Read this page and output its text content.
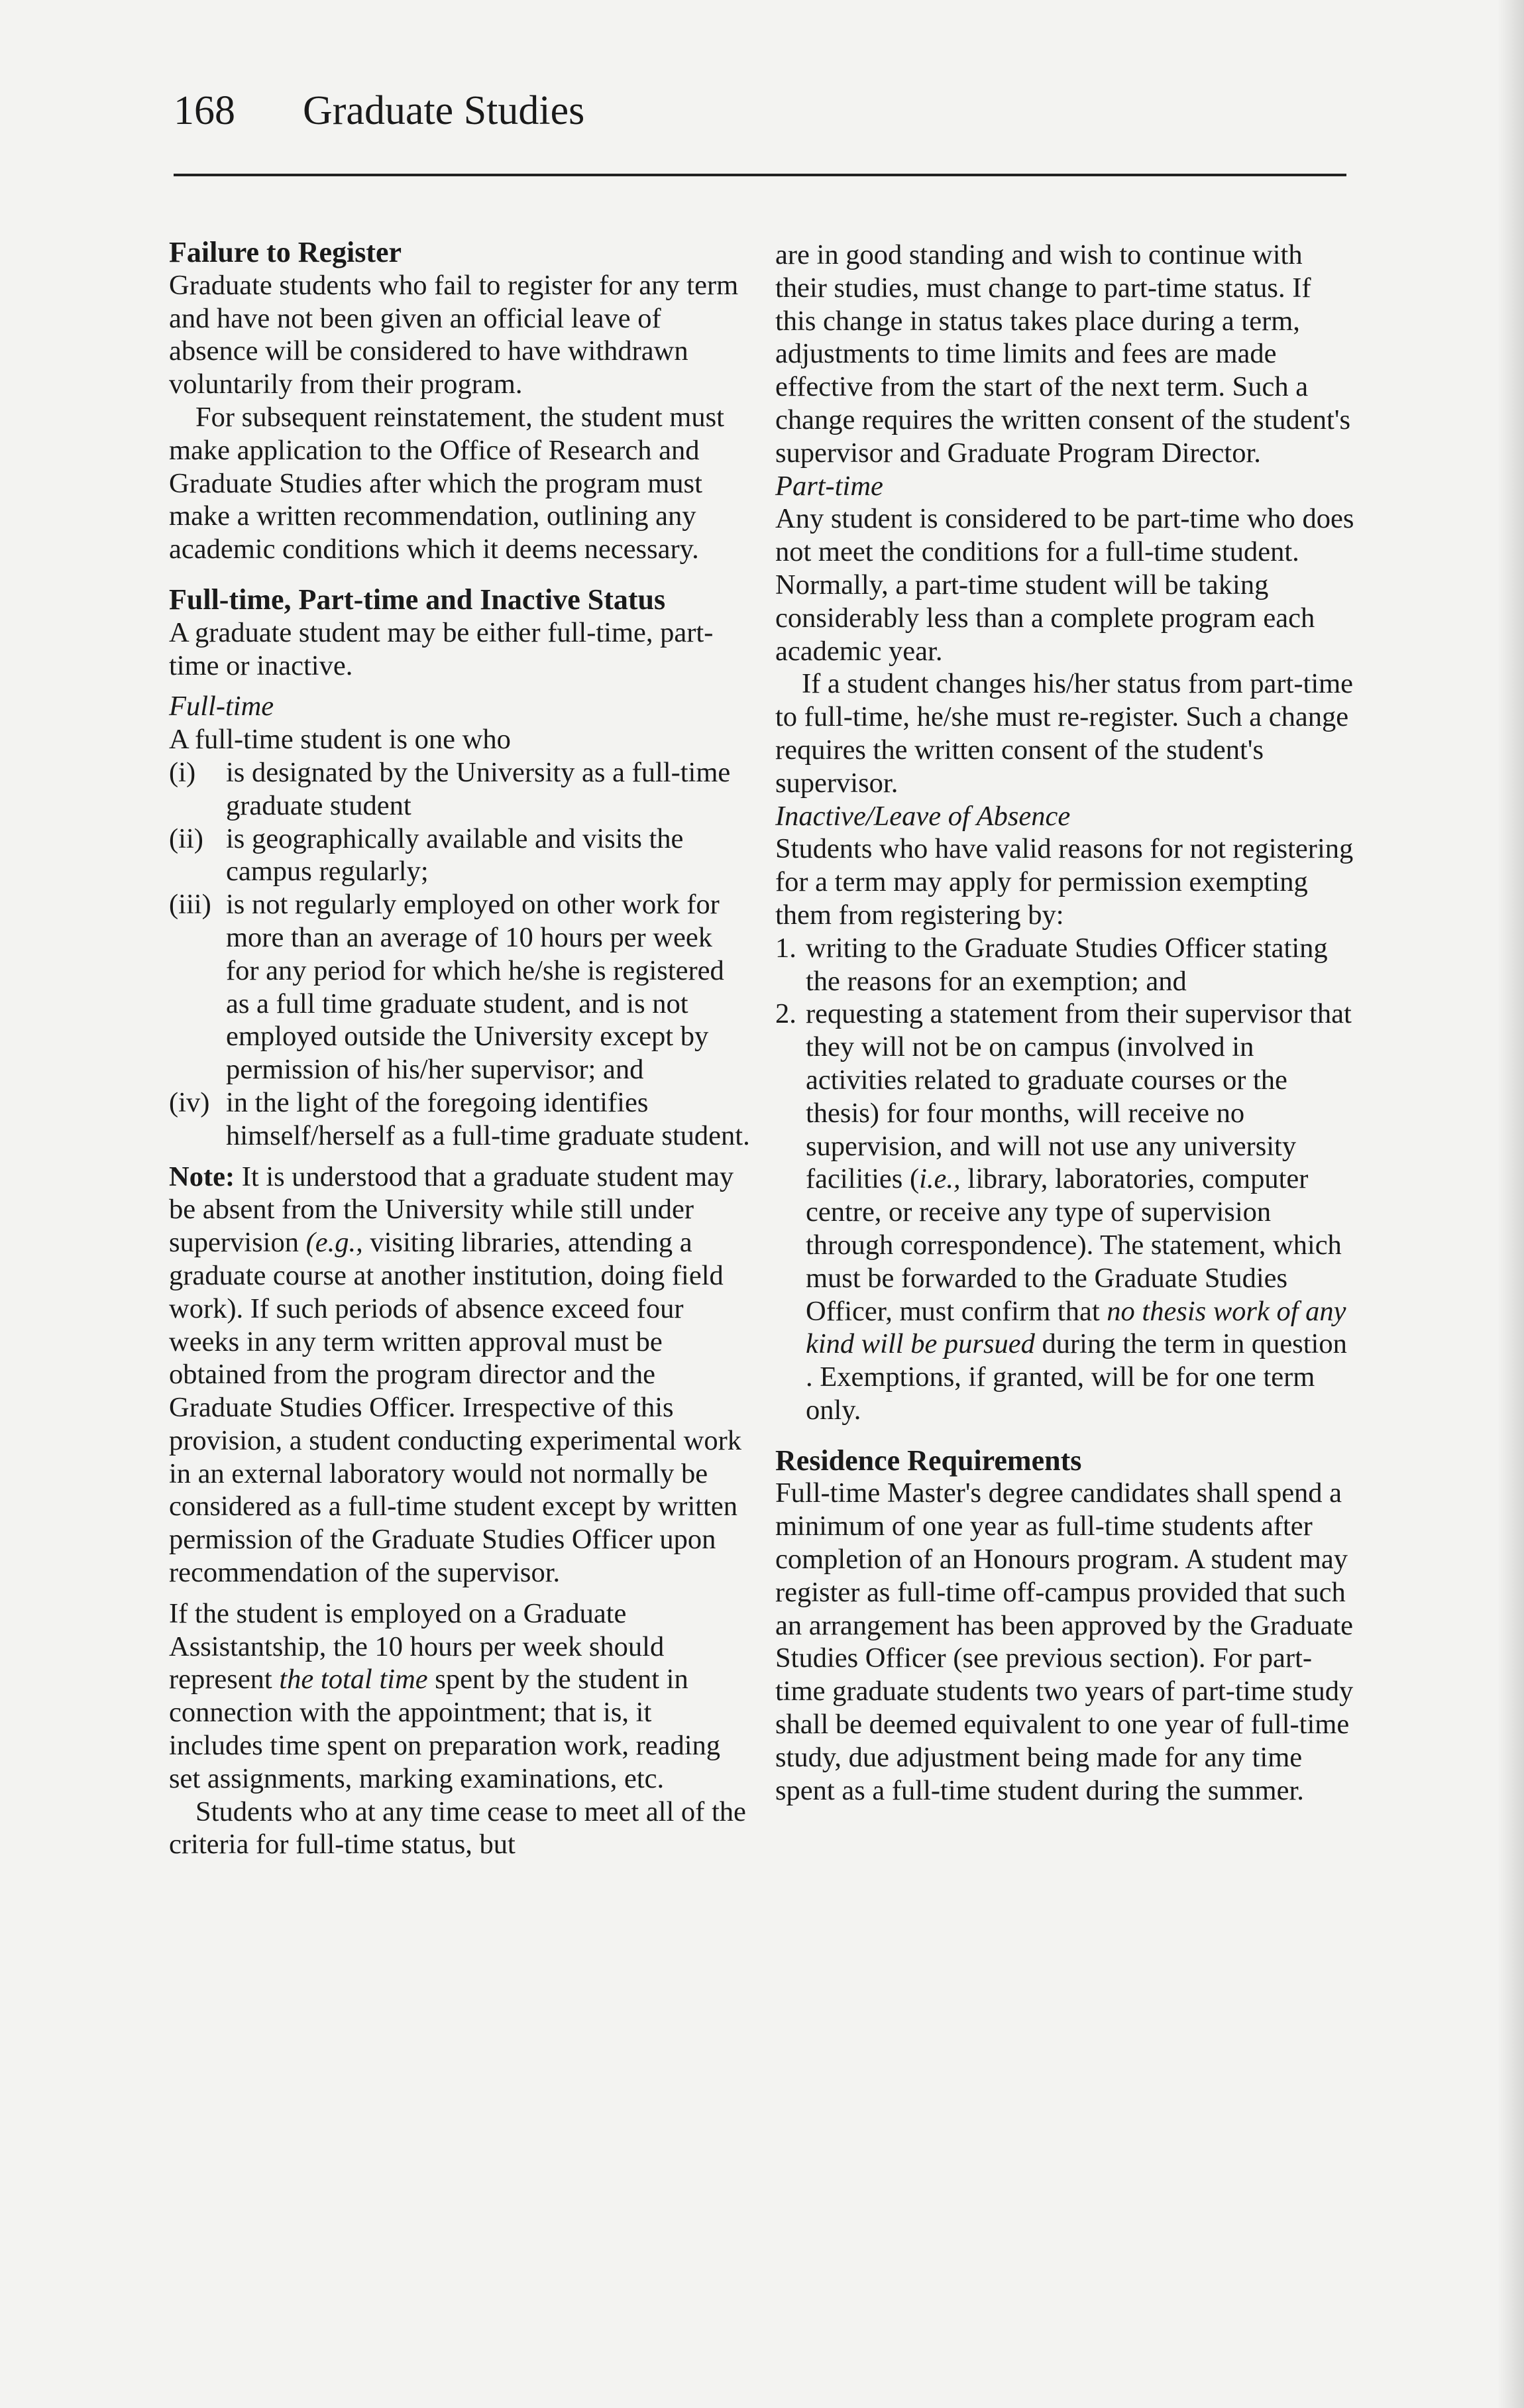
168 Graduate Studies
Failure to Register

Graduate students who fail to register for any term and have not been given an official leave of absence will be considered to have withdrawn voluntarily from their program.

For subsequent reinstatement, the student must make application to the Office of Research and Graduate Studies after which the program must make a written recommendation, outlining any academic conditions which it deems necessary.

Full-time, Part-time and Inactive Status

A graduate student may be either full-time, part-time or inactive.

Full-time

A full-time student is one who

(i)	is designated by the University as a full-time graduate student
(ii) is geographically available and visits the campus regularly;
(iii) is not regularly employed on other work for more than an average of 10 hours per week for any period for which he/she is registered as a full time graduate student, and is not employed outside the University except by permission of his/her supervisor; and
(iv) in the light of the foregoing identifies himself/herself as a full-time graduate student.

Note: It is understood that a graduate student may be absent from the University while still under supervision (e.g., visiting libraries, attending a graduate course at another institution, doing field work). If such periods of absence exceed four weeks in any term written approval must be obtained from the program director and the Graduate Studies Officer. Irrespective of this provision, a student conducting experimental work in an external laboratory would not normally be considered as a full-time student except by written permission of the Graduate Studies Officer upon recommendation of the supervisor.

If the student is employed on a Graduate Assistantship, the 10 hours per week should represent the total time spent by the student in connection with the appointment; that is, it includes time spent on preparation work, reading set assignments, marking examinations, etc.

Students who at any time cease to meet all of the criteria for full-time status, but

are in good standing and wish to continue with their studies, must change to part-time status. If this change in status takes place during a term, adjustments to time limits and fees are made effective from the start of the next term. Such a change requires the written consent of the student's supervisor and Graduate Program Director.

Part-time

Any student is considered to be part-time who does not meet the conditions for a full-time student. Normally, a part-time student will be taking considerably less than a complete program each academic year.

If a student changes his/her status from part-time to full-time, he/she must re-register. Such a change requires the written consent of the student's supervisor.

Inactive/Leave of Absence

Students who have valid reasons for not registering for a term may apply for permission exempting them from registering by:

1. writing to the Graduate Studies Officer stating the reasons for an exemption; and
2. requesting a statement from their supervisor that they will not be on campus (involved in activities related to graduate courses or the thesis) for four months, will receive no supervision, and will not use any university facilities (i.e., library, laboratories, computer centre, or receive any type of supervision through correspondence). The statement, which must be forwarded to the Graduate Studies Officer, must confirm that no thesis work of any kind will be pursued during the term in question . Exemptions, if granted, will be for one term only.
Residence Requirements

Full-time Master's degree candidates shall spend a minimum of one year as full-time students after completion of an Honours program. A student may register as full-time off-campus provided that such an arrangement has been approved by the Graduate Studies Officer (see previous section). For part-time graduate students two years of part-time study shall be deemed equivalent to one year of full-time study, due adjustment being made for any time spent as a full-time student during the summer.
